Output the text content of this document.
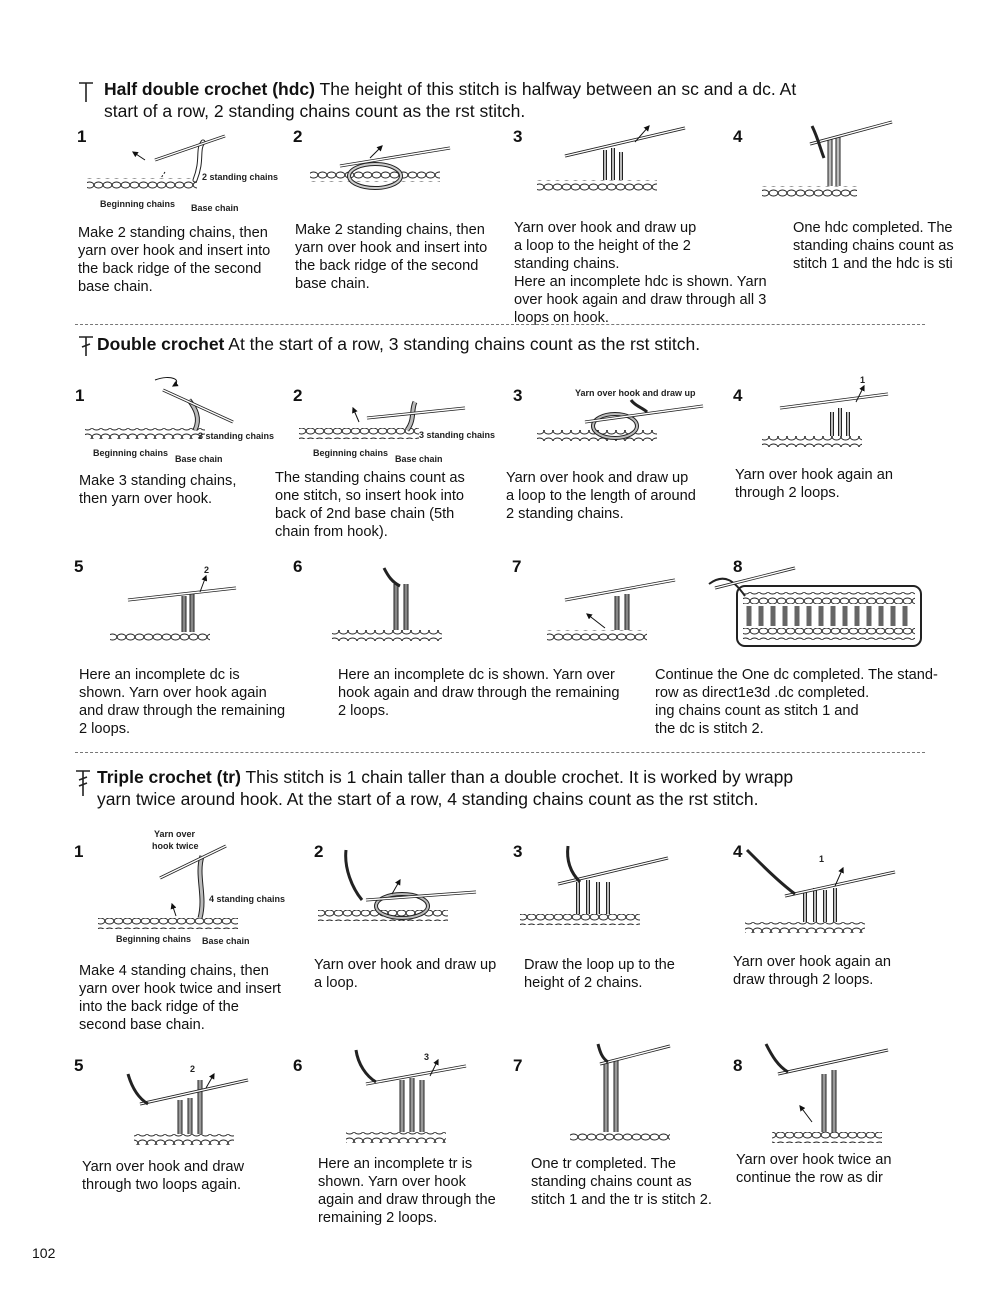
Half double crochet (hdc) The height of this stitch is halfway between an sc and a dc. At
start of a row, 2 standing chains count as the rst stitch.
1
2 standing chains
Beginning chains Base chain
Make 2 standing chains, then
yarn over hook and insert into
the back ridge of the second
base chain.
2
Make 2 standing chains, then
yarn over hook and insert into
the back ridge of the second
base chain.
3
Yarn over hook and draw up
a loop to the height of the 2
standing chains.
Here an incomplete hdc is shown. Yarn
over hook again and draw through all 3
loops on hook.
4
One hdc completed. The
standing chains count as
stitch 1 and the hdc is sti
Double crochet At the start of a row, 3 standing chains count as the rst stitch.
1
3 standing chains
Beginning chains
Base chain
Make 3 standing chains,
then yarn over hook.
2
3 standing chains
Beginning chains
Base chain
The standing chains count as
one stitch, so insert hook into
back of 2nd base chain (5th
chain from hook).
3	Yarn over hook and draw up
Yarn over hook and draw up
a loop to the length of around
2 standing chains.
4
1
Yarn over hook again an
through 2 loops.
5	2
Here an incomplete dc is
shown. Yarn over hook again
and draw through the remaining
2 loops.
6
Here an incomplete dc is shown. Yarn over
hook again and draw through the remaining
2 loops.
7	8
Continue the One dc completed. The stand-
row as direct1e3d .dc completed.
ing chains count as stitch 1 and
the dc is stitch 2.
Triple crochet (tr) This stitch is 1 chain taller than a double crochet. It is worked by wrapp
yarn twice around hook. At the start of a row, 4 standing chains count as the rst stitch.
1
Yarn over
hook twice
4 standing chains
Beginning chains Base chain
Make 4 standing chains, then
yarn over hook twice and insert
into the back ridge of the
second base chain.
2
Yarn over hook and draw up
a loop.
3
Draw the loop up to the
height of 2 chains.
4	1
Yarn over hook again an
draw through 2 loops.
5	2
Yarn over hook and draw
through two loops again.
6	3
Here an incomplete tr is
shown. Yarn over hook
again and draw through the
remaining 2 loops.
7
One tr completed. The
standing chains count as
stitch 1 and the tr is stitch 2.
8
Yarn over hook twice an
continue the row as dir
102
